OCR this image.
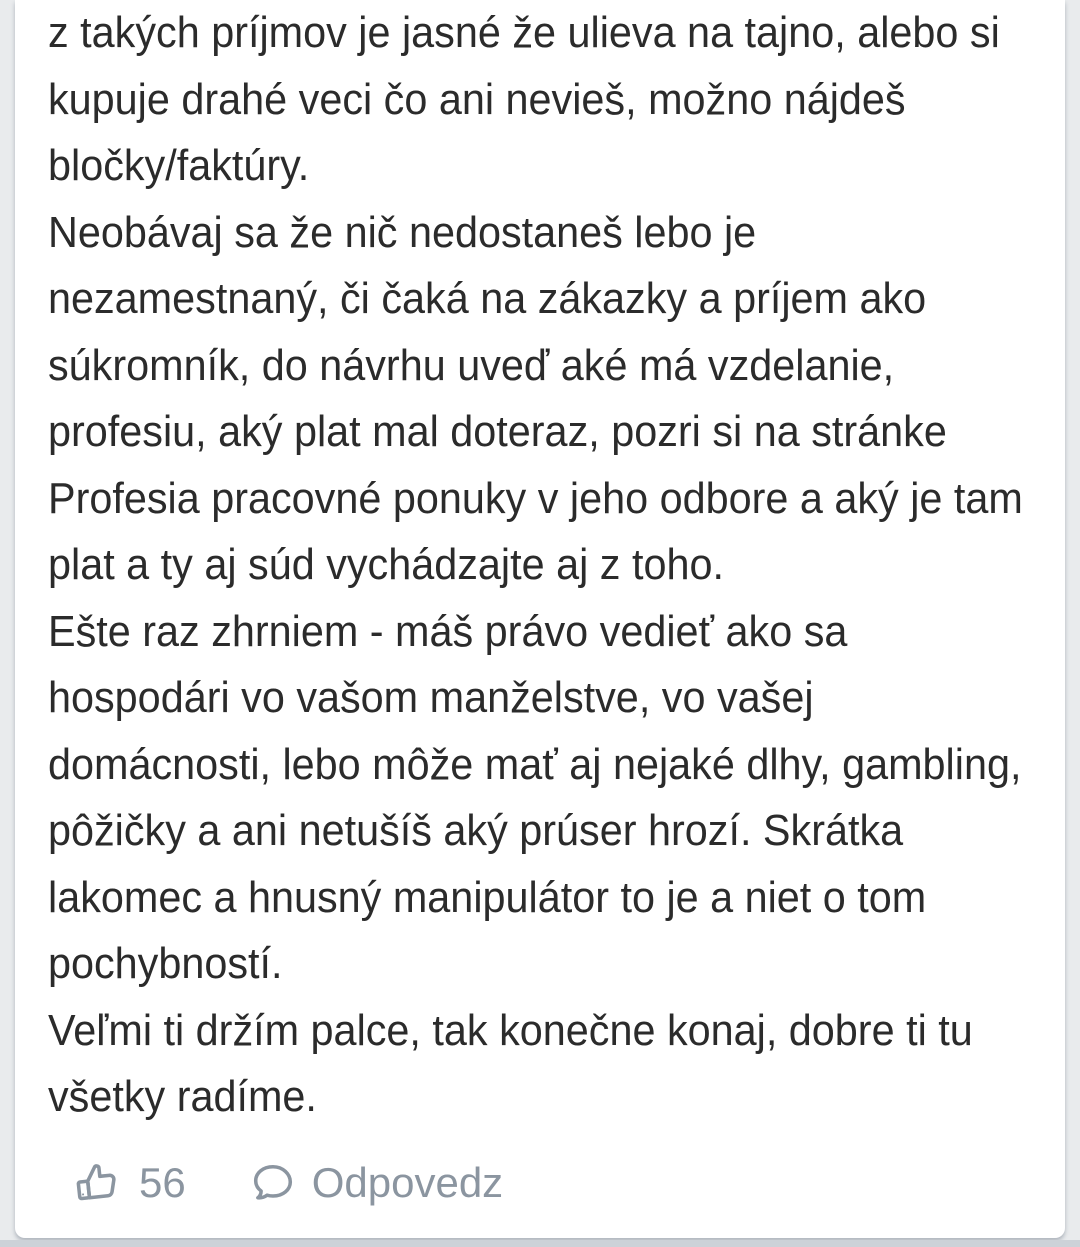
z takých príjmov je jasné že ulieva na tajno, alebo si
kupuje drahé veci čo ani nevieš, možno nájdeš
bločky/faktúry.
Neobávaj sa že nič nedostaneš lebo je
nezamestnaný, či čaká na zákazky a príjem ako
súkromník, do návrhu uveď aké má vzdelanie,
profesiu, aký plat mal doteraz, pozri si na stránke
Profesia pracovné ponuky v jeho odbore a aký je tam
plat a ty aj súd vychádzajte aj z toho.
Ešte raz zhrniem - máš právo vedieť ako sa
hospodári vo vašom manželstve, vo vašej
domácnosti, lebo môže mať aj nejaké dlhy, gambling,
pôžičky a ani netušíš aký prúser hrozí. Skrátka
lakomec a hnusný manipulátor to je a niet o tom
pochybností.
Veľmi ti držím palce, tak konečne konaj, dobre ti tu
všetky radíme.
56	Odpovedz
